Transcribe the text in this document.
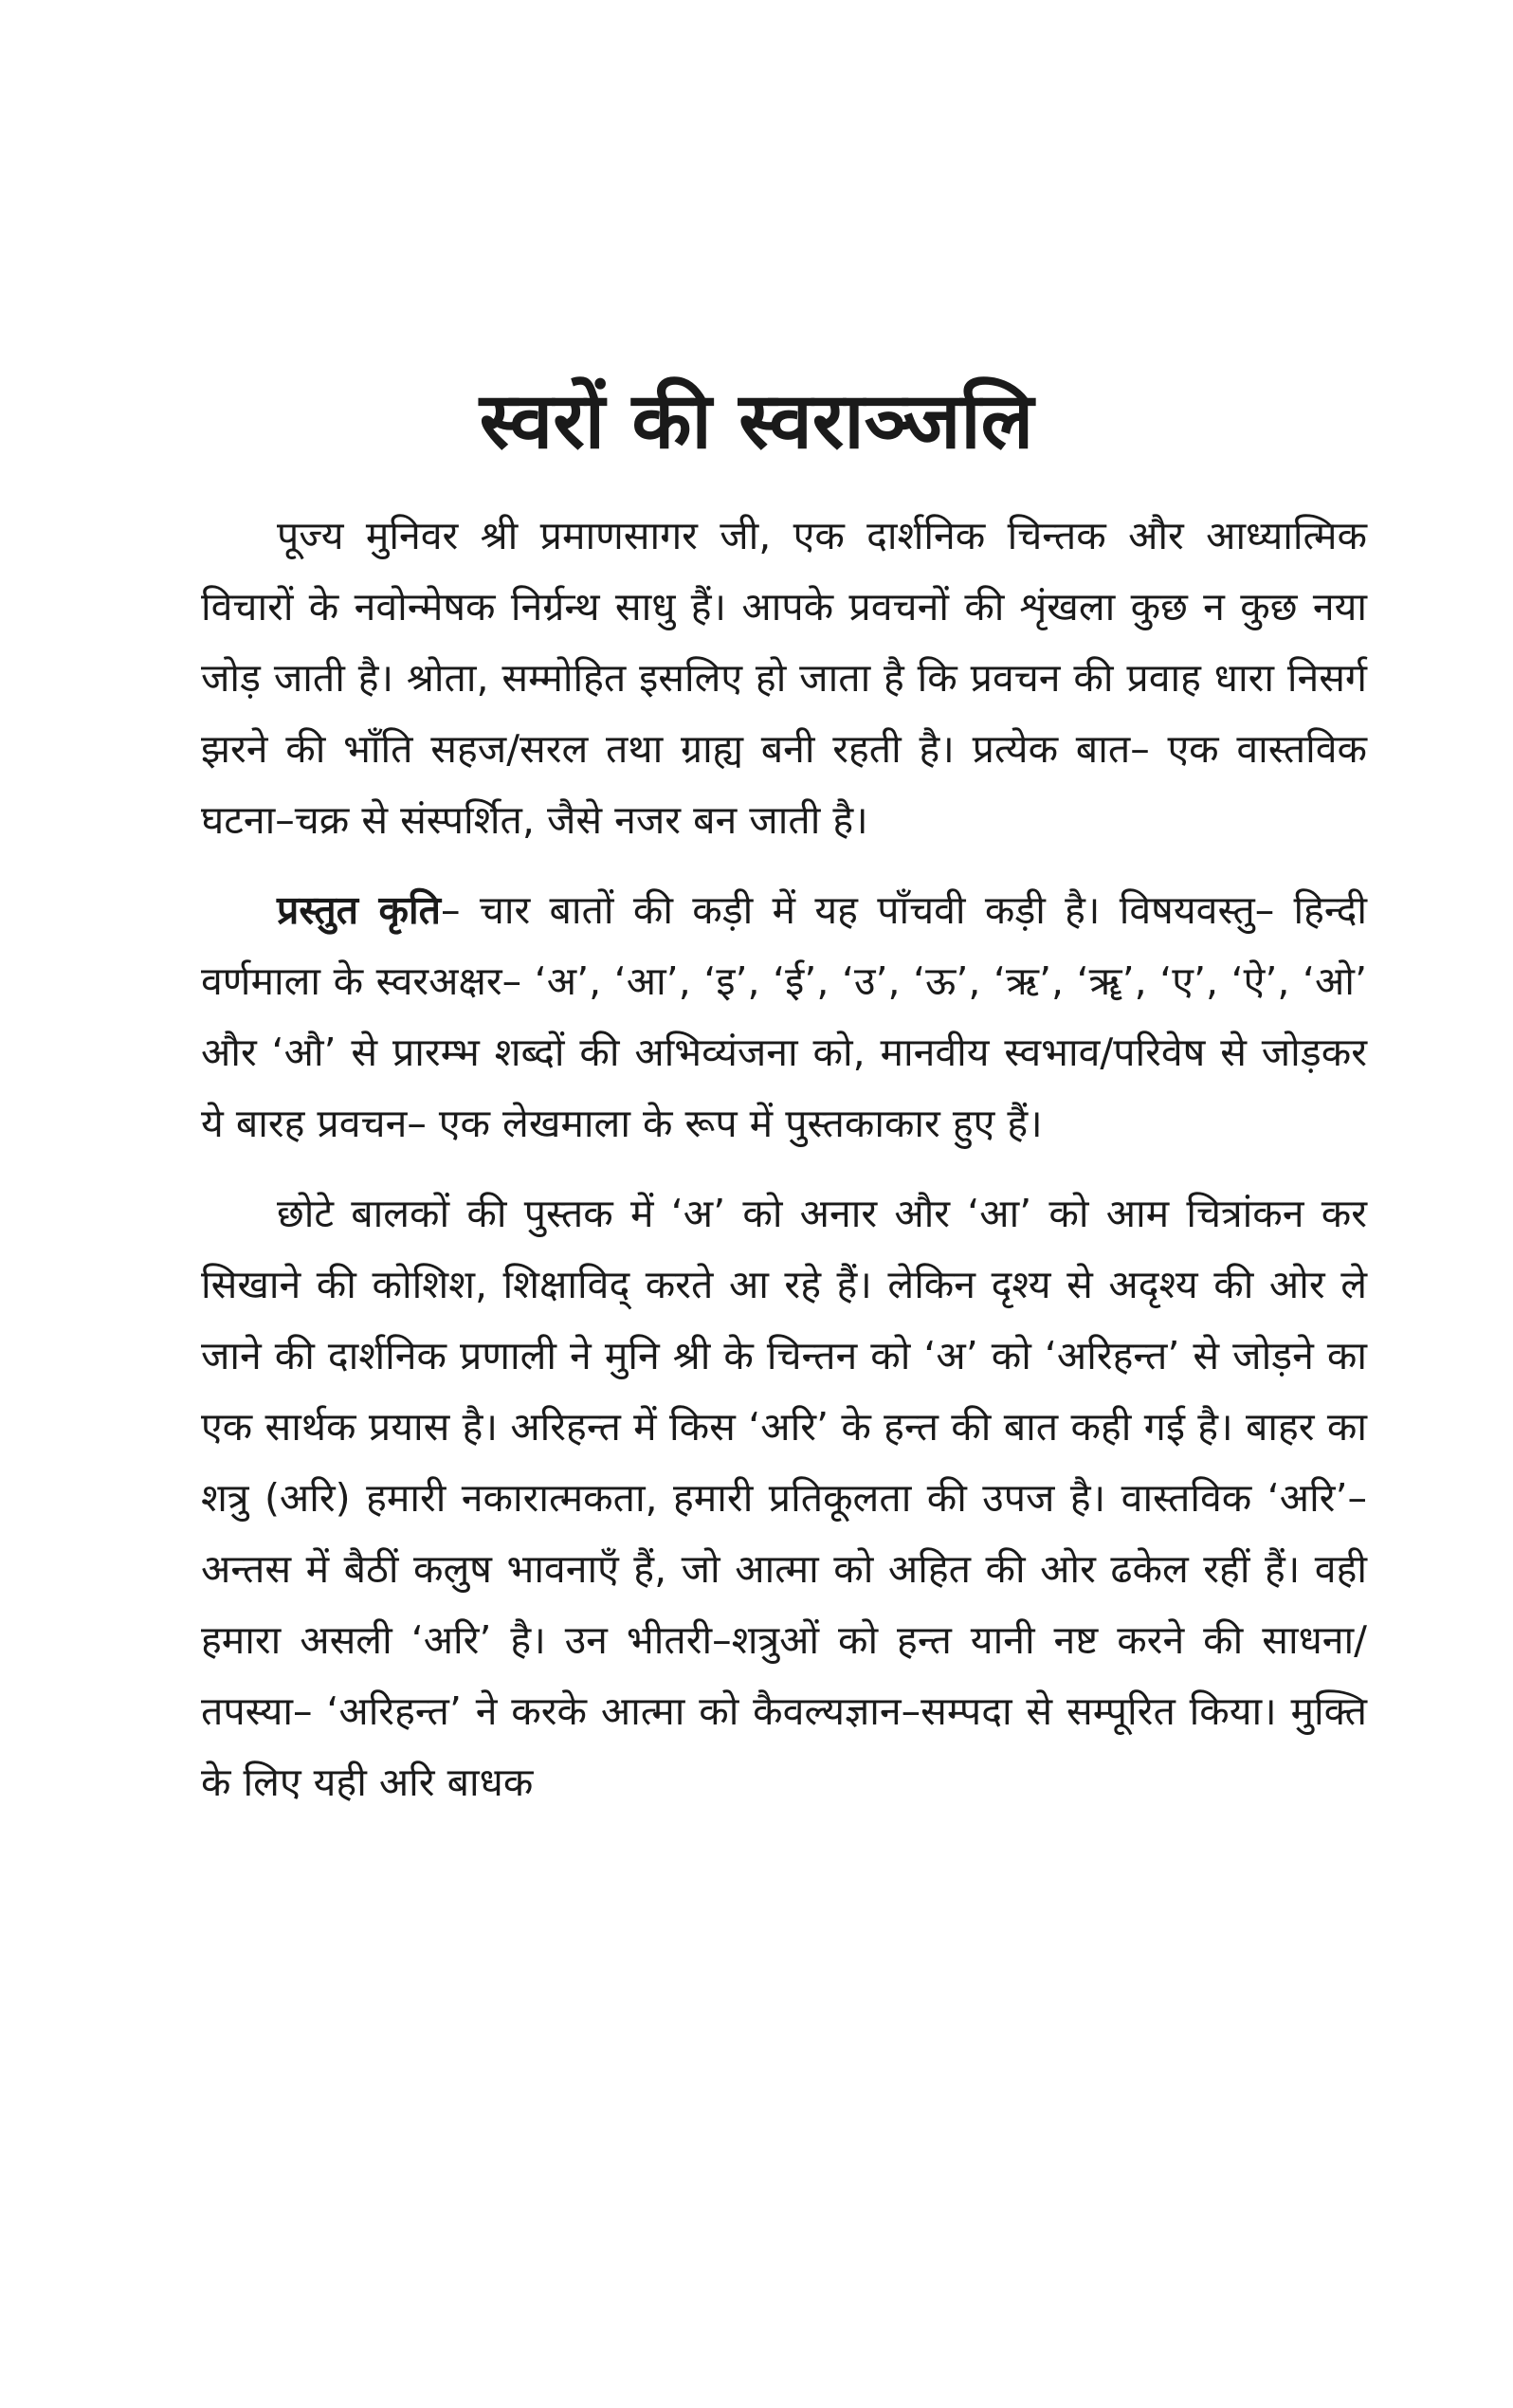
स्वरों की स्वराञ्जलि

पूज्य मुनिवर श्री प्रमाणसागर जी, एक दार्शनिक चिन्तक और आध्यात्मिक विचारों के नवोन्मेषक निर्ग्रन्थ साधु हैं। आपके प्रवचनों की शृंखला कुछ न कुछ नया जोड़ जाती है। श्रोता, सम्मोहित इसलिए हो जाता है कि प्रवचन की प्रवाह धारा निसर्ग झरने की भाँति सहज/सरल तथा ग्राह्य बनी रहती है। प्रत्येक बात– एक वास्तविक घटना–चक्र से संस्पर्शित, जैसे नजर बन जाती है।

प्रस्तुत कृति– चार बातों की कड़ी में यह पाँचवी कड़ी है। विषयवस्तु– हिन्दी वर्णमाला के स्वरअक्षर– ‘अ’, ‘आ’, ‘इ’, ‘ई’, ‘उ’, ‘ऊ’, ‘ऋ’, ‘ॠ’, ‘ए’, ‘ऐ’, ‘ओ’ और ‘औ’ से प्रारम्भ शब्दों की अभिव्यंजना को, मानवीय स्वभाव/परिवेष से जोड़कर ये बारह प्रवचन– एक लेखमाला के रूप में पुस्तकाकार हुए हैं।

छोटे बालकों की पुस्तक में ‘अ’ को अनार और ‘आ’ को आम चित्रांकन कर सिखाने की कोशिश, शिक्षाविद् करते आ रहे हैं। लेकिन दृश्य से अदृश्य की ओर ले जाने की दार्शनिक प्रणाली ने मुनि श्री के चिन्तन को ‘अ’ को ‘अरिहन्त’ से जोड़ने का एक सार्थक प्रयास है। अरिहन्त में किस ‘अरि’ के हन्त की बात कही गई है। बाहर का शत्रु (अरि) हमारी नकारात्मकता, हमारी प्रतिकूलता की उपज है। वास्तविक ‘अरि’– अन्तस में बैठीं कलुष भावनाएँ हैं, जो आत्मा को अहित की ओर ढकेल रहीं हैं। वही हमारा असली ‘अरि’ है। उन भीतरी–शत्रुओं को हन्त यानी नष्ट करने की साधना/तपस्या– ‘अरिहन्त’ ने करके आत्मा को कैवल्यज्ञान–सम्पदा से सम्पूरित किया। मुक्ति के लिए यही अरि बाधक
